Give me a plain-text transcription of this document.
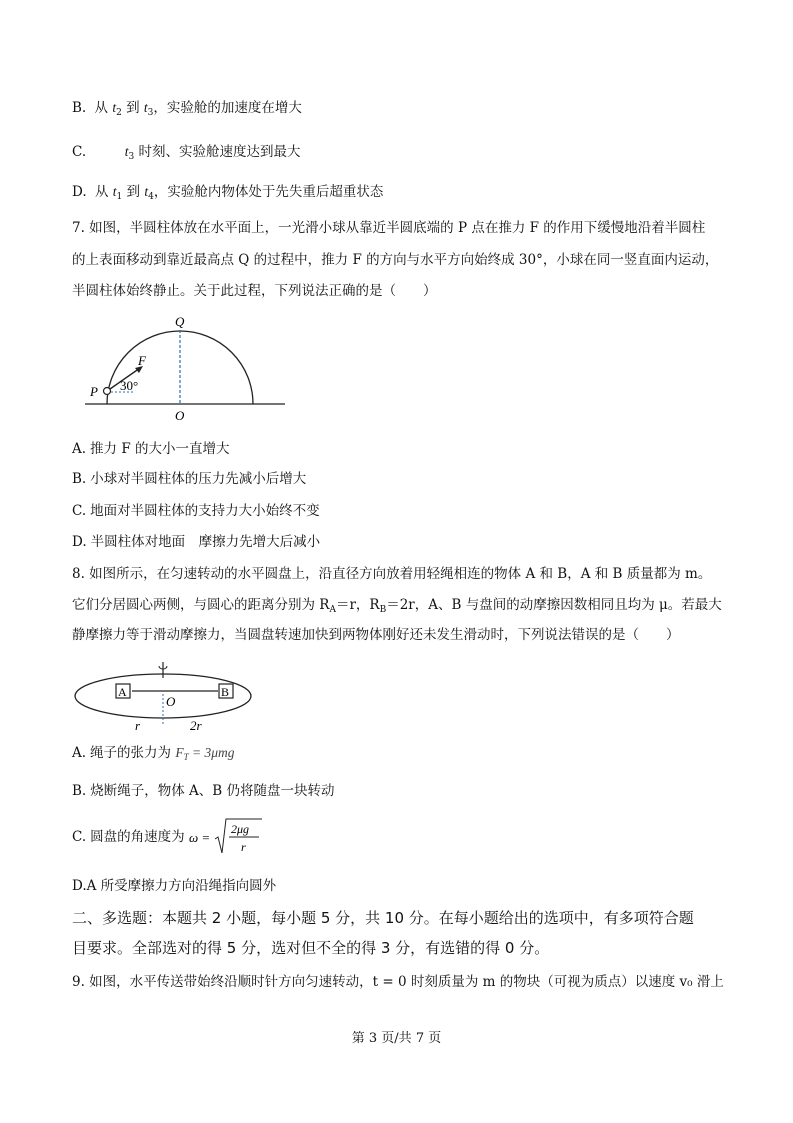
B. 从 $t_2$ 到 $t_3$，实验舱的加速度在增大
C.	$t_3$ 时刻、实验舱速度达到最大
D. 从 $t_1$ 到 $t_4$，实验舱内物体处于先失重后超重状态
7. 如图，半圆柱体放在水平面上，一光滑小球从靠近半圆底端的 P 点在推力 F 的作用下缓慢地沿着半圆柱
的上表面移动到靠近最高点 Q 的过程中，推力 F 的方向与水平方向始终成 30°，小球在同一竖直面内运动，
半圆柱体始终静止。关于此过程，下列说法正确的是（　　）
Q
F
P 30°
O
A. 推力 F 的大小一直增大
B. 小球对半圆柱体的压力先减小后增大
C. 地面对半圆柱体的支持力大小始终不变
D. 半圆柱体对地面　摩擦力先增大后减小
8. 如图所示，在匀速转动的水平圆盘上，沿直径方向放着用轻绳相连的物体 A 和 B，A 和 B 质量都为 m。
它们分居圆心两侧，与圆心的距离分别为 $R_A=r$，$R_B=2r$，A、B 与盘间的动摩擦因数相同且均为 μ。若最大
静摩擦力等于滑动摩擦力，当圆盘转速加快到两物体刚好还未发生滑动时，下列说法错误的是（　　）
A	B
O
r	2r
A. 绳子的张力为 $F_T = 3\mu mg$
B. 烧断绳子，物体 A、B 仍将随盘一块转动
C. 圆盘的角速度为 ω =
2μg
r
D.A 所受摩擦力方向沿绳指向圆外
二、多选题：本题共 2 小题，每小题 5 分，共 10 分。在每小题给出的选项中，有多项符合题
目要求。全部选对的得 5 分，选对但不全的得 3 分，有选错的得 0 分。
9. 如图，水平传送带始终沿顺时针方向匀速转动，t = 0 时刻质量为 m 的物块（可视为质点）以速度 v₀ 滑上
第 3 页/共 7 页
